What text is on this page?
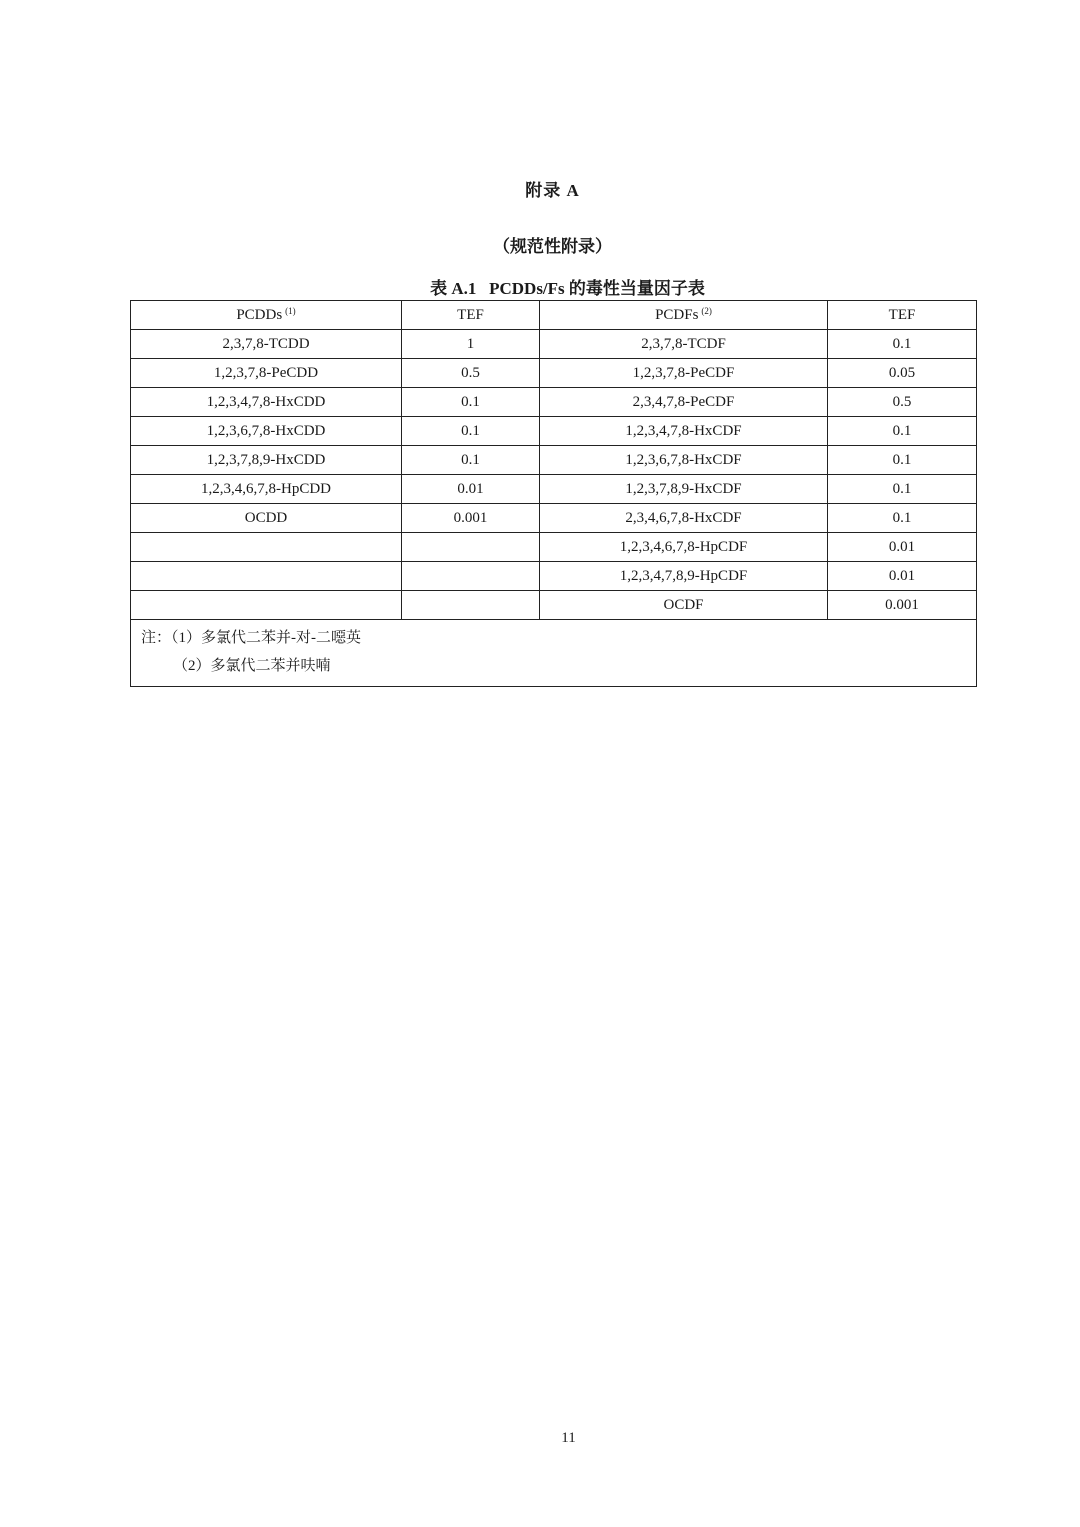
附录 A
（规范性附录）
表 A.1   PCDDs/Fs 的毒性当量因子表
PCDDs $^{(1)}$	TEF	PCDFs $^{(2)}$	TEF
2,3,7,8-TCDD	1	2,3,7,8-TCDF	0.1
1,2,3,7,8-PeCDD	0.5	1,2,3,7,8-PeCDF	0.05
1,2,3,4,7,8-HxCDD	0.1	2,3,4,7,8-PeCDF	0.5
1,2,3,6,7,8-HxCDD	0.1	1,2,3,4,7,8-HxCDF	0.1
1,2,3,7,8,9-HxCDD	0.1	1,2,3,6,7,8-HxCDF	0.1
1,2,3,4,6,7,8-HpCDD	0.01	1,2,3,7,8,9-HxCDF	0.1
OCDD	0.001	2,3,4,6,7,8-HxCDF	0.1
		1,2,3,4,6,7,8-HpCDF	0.01
		1,2,3,4,7,8,9-HpCDF	0.01
		OCDF	0.001
注：（1）多氯代二苯并-对-二噁英
（2）多氯代二苯并呋喃			
11
